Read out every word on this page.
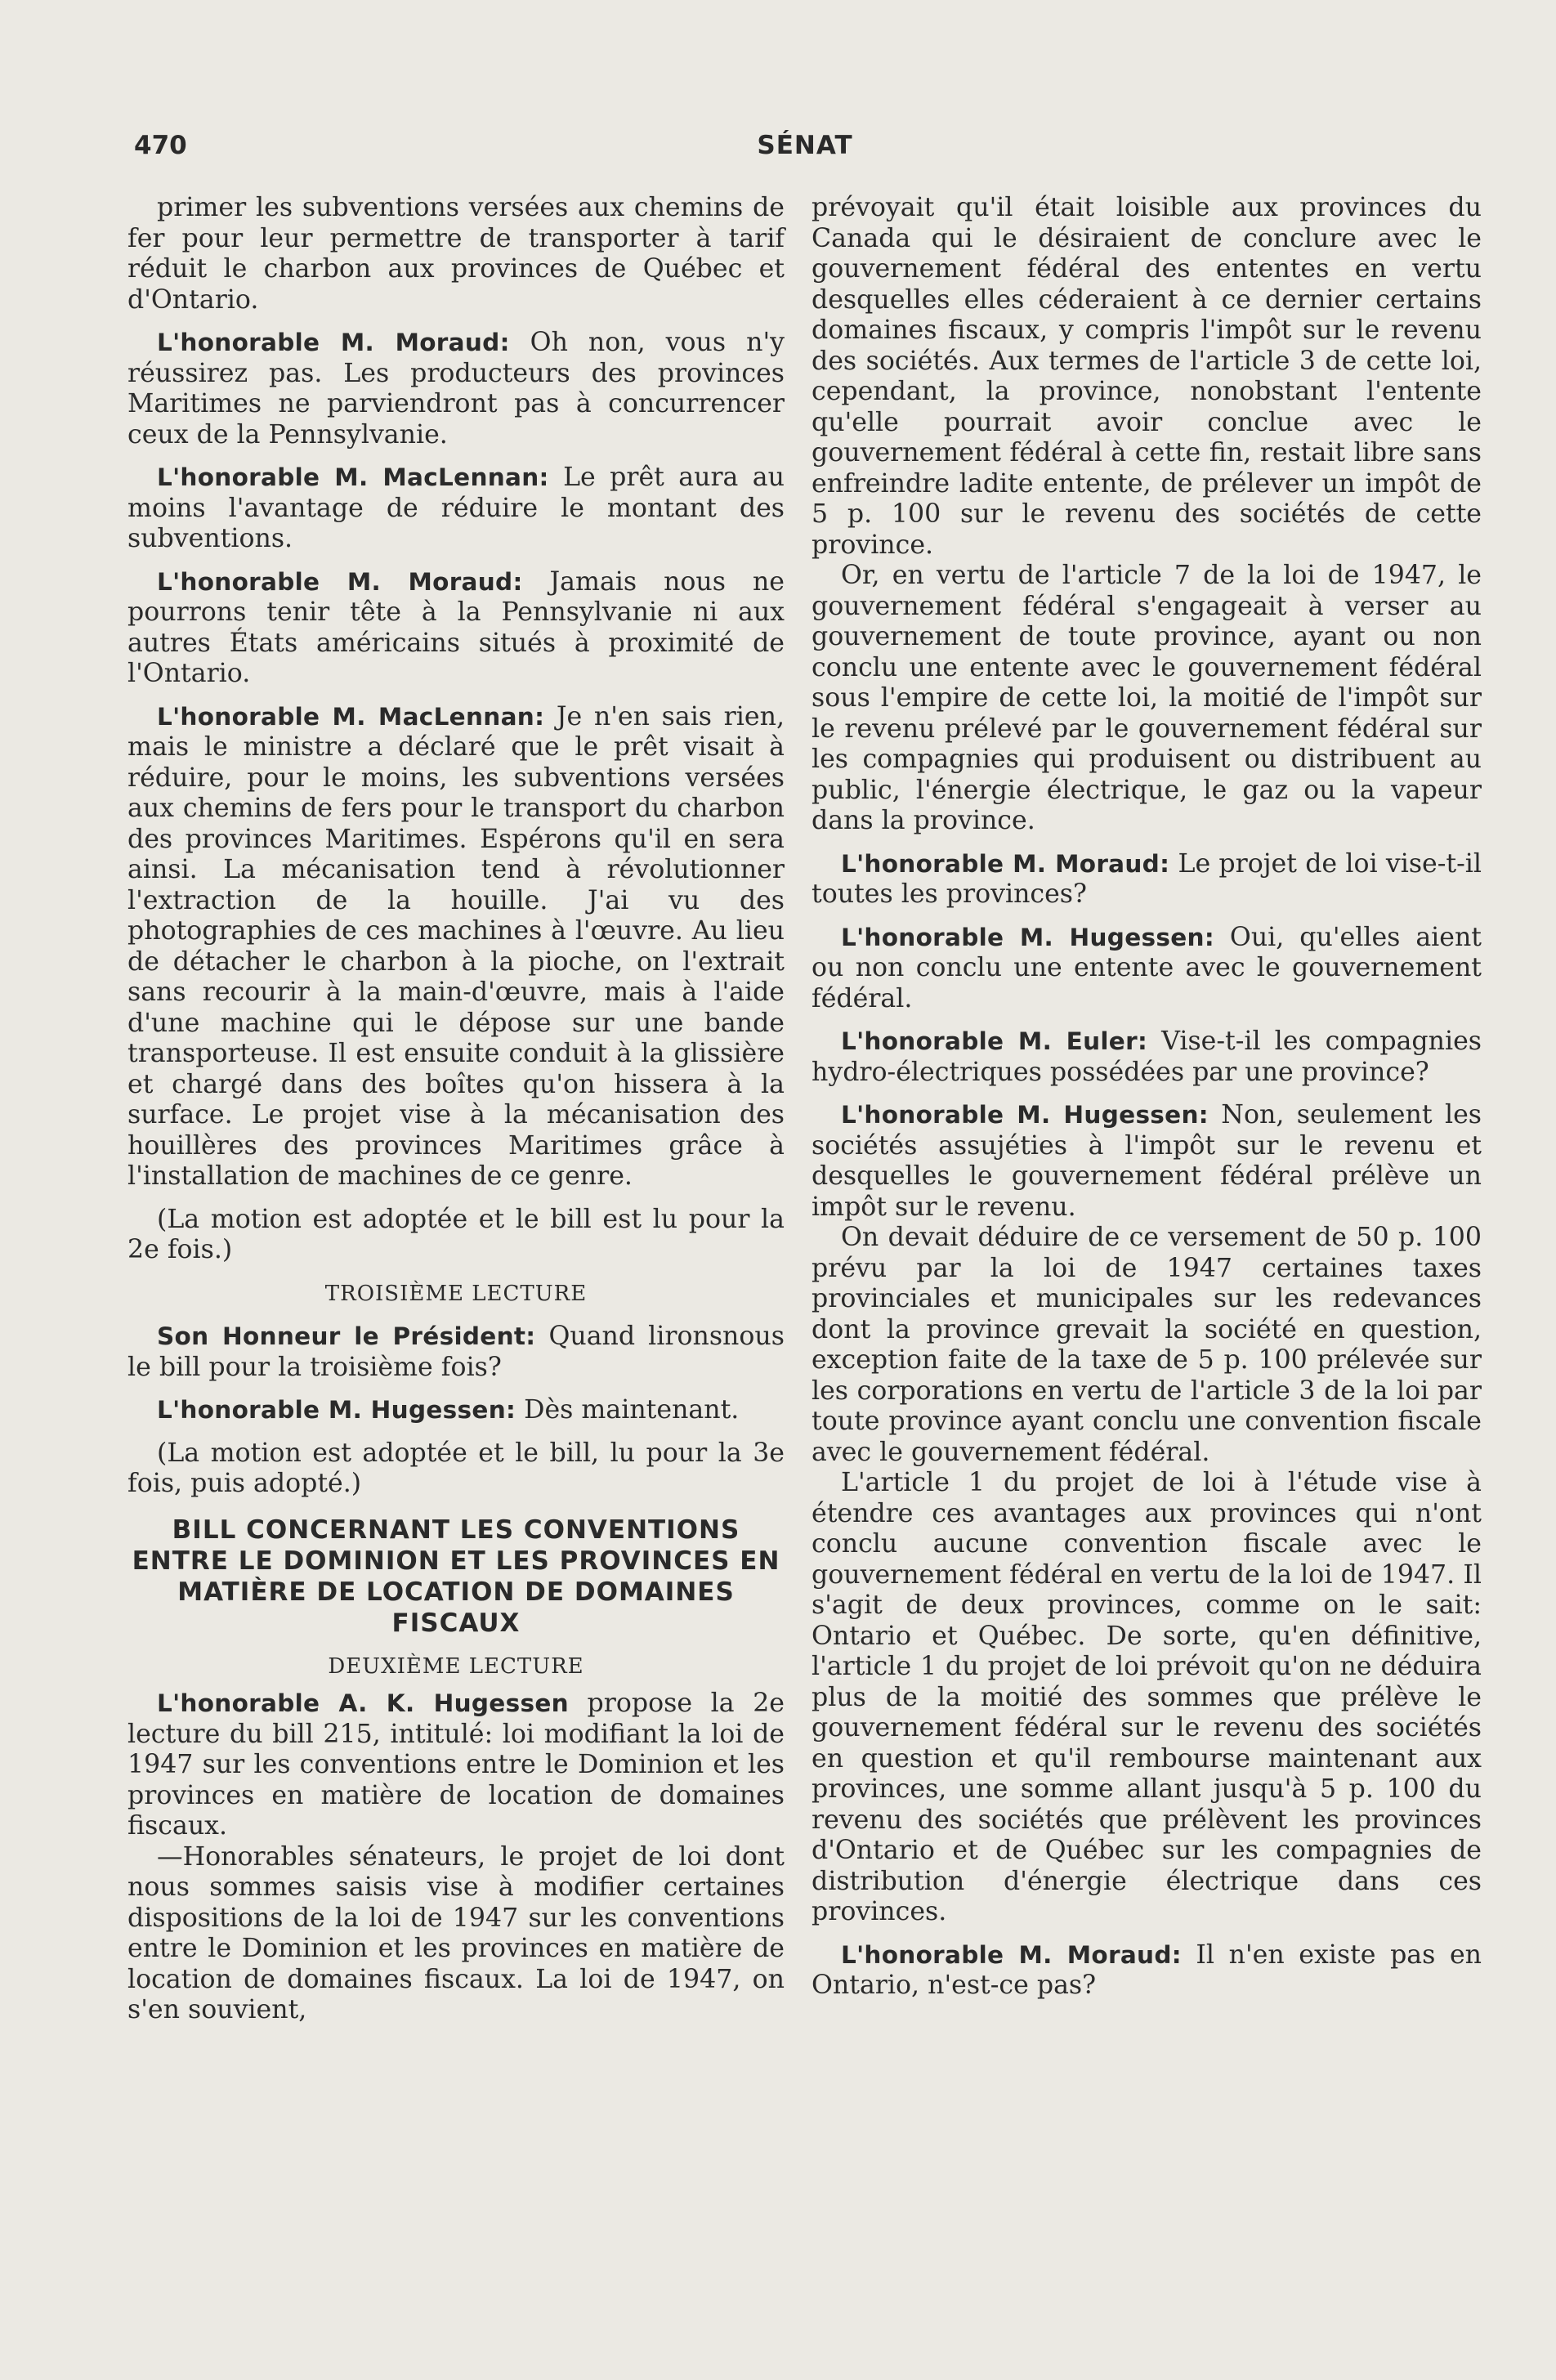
470	SÉNAT

primer les subventions versées aux chemins de fer pour leur permettre de transporter à tarif réduit le charbon aux provinces de Québec et d'Ontario.

L'honorable M. Moraud: Oh non, vous n'y réussirez pas. Les producteurs des provinces Maritimes ne parviendront pas à concurrencer ceux de la Pennsylvanie.

L'honorable M. MacLennan: Le prêt aura au moins l'avantage de réduire le montant des subventions.

L'honorable M. Moraud: Jamais nous ne pourrons tenir tête à la Pennsylvanie ni aux autres États américains situés à proximité de l'Ontario.

L'honorable M. MacLennan: Je n'en sais rien, mais le ministre a déclaré que le prêt visait à réduire, pour le moins, les subventions versées aux chemins de fers pour le transport du charbon des provinces Maritimes. Espérons qu'il en sera ainsi. La mécanisation tend à révolutionner l'extraction de la houille. J'ai vu des photographies de ces machines à l'œuvre. Au lieu de détacher le charbon à la pioche, on l'extrait sans recourir à la main-d'œuvre, mais à l'aide d'une machine qui le dépose sur une bande transporteuse. Il est ensuite conduit à la glissière et chargé dans des boîtes qu'on hissera à la surface. Le projet vise à la mécanisation des houillères des provinces Maritimes grâce à l'installation de machines de ce genre.

(La motion est adoptée et le bill est lu pour la 2e fois.)

TROISIÈME LECTURE

Son Honneur le Président: Quand lironsnous le bill pour la troisième fois?

L'honorable M. Hugessen: Dès maintenant.

(La motion est adoptée et le bill, lu pour la 3e fois, puis adopté.)

BILL CONCERNANT LES CONVENTIONS ENTRE LE DOMINION ET LES PROVINCES EN MATIÈRE DE LOCATION DE DOMAINES FISCAUX
DEUXIÈME LECTURE

L'honorable A. K. Hugessen propose la 2e lecture du bill 215, intitulé: loi modifiant la loi de 1947 sur les conventions entre le Dominion et les provinces en matière de location de domaines fiscaux.

—Honorables sénateurs, le projet de loi dont nous sommes saisis vise à modifier certaines dispositions de la loi de 1947 sur les conventions entre le Dominion et les provinces en matière de location de domaines fiscaux. La loi de 1947, on s'en souvient,

prévoyait qu'il était loisible aux provinces du Canada qui le désiraient de conclure avec le gouvernement fédéral des ententes en vertu desquelles elles céderaient à ce dernier certains domaines fiscaux, y compris l'impôt sur le revenu des sociétés. Aux termes de l'article 3 de cette loi, cependant, la province, nonobstant l'entente qu'elle pourrait avoir conclue avec le gouvernement fédéral à cette fin, restait libre sans enfreindre ladite entente, de prélever un impôt de 5 p. 100 sur le revenu des sociétés de cette province.

Or, en vertu de l'article 7 de la loi de 1947, le gouvernement fédéral s'engageait à verser au gouvernement de toute province, ayant ou non conclu une entente avec le gouvernement fédéral sous l'empire de cette loi, la moitié de l'impôt sur le revenu prélevé par le gouvernement fédéral sur les compagnies qui produisent ou distribuent au public, l'énergie électrique, le gaz ou la vapeur dans la province.

L'honorable M. Moraud: Le projet de loi vise-t-il toutes les provinces?

L'honorable M. Hugessen: Oui, qu'elles aient ou non conclu une entente avec le gouvernement fédéral.

L'honorable M. Euler: Vise-t-il les compagnies hydro-électriques possédées par une province?

L'honorable M. Hugessen: Non, seulement les sociétés assujéties à l'impôt sur le revenu et desquelles le gouvernement fédéral prélève un impôt sur le revenu.

On devait déduire de ce versement de 50 p. 100 prévu par la loi de 1947 certaines taxes provinciales et municipales sur les redevances dont la province grevait la société en question, exception faite de la taxe de 5 p. 100 prélevée sur les corporations en vertu de l'article 3 de la loi par toute province ayant conclu une convention fiscale avec le gouvernement fédéral.

L'article 1 du projet de loi à l'étude vise à étendre ces avantages aux provinces qui n'ont conclu aucune convention fiscale avec le gouvernement fédéral en vertu de la loi de 1947. Il s'agit de deux provinces, comme on le sait: Ontario et Québec. De sorte, qu'en définitive, l'article 1 du projet de loi prévoit qu'on ne déduira plus de la moitié des sommes que prélève le gouvernement fédéral sur le revenu des sociétés en question et qu'il rembourse maintenant aux provinces, une somme allant jusqu'à 5 p. 100 du revenu des sociétés que prélèvent les provinces d'Ontario et de Québec sur les compagnies de distribution d'énergie électrique dans ces provinces.

L'honorable M. Moraud: Il n'en existe pas en Ontario, n'est-ce pas?
